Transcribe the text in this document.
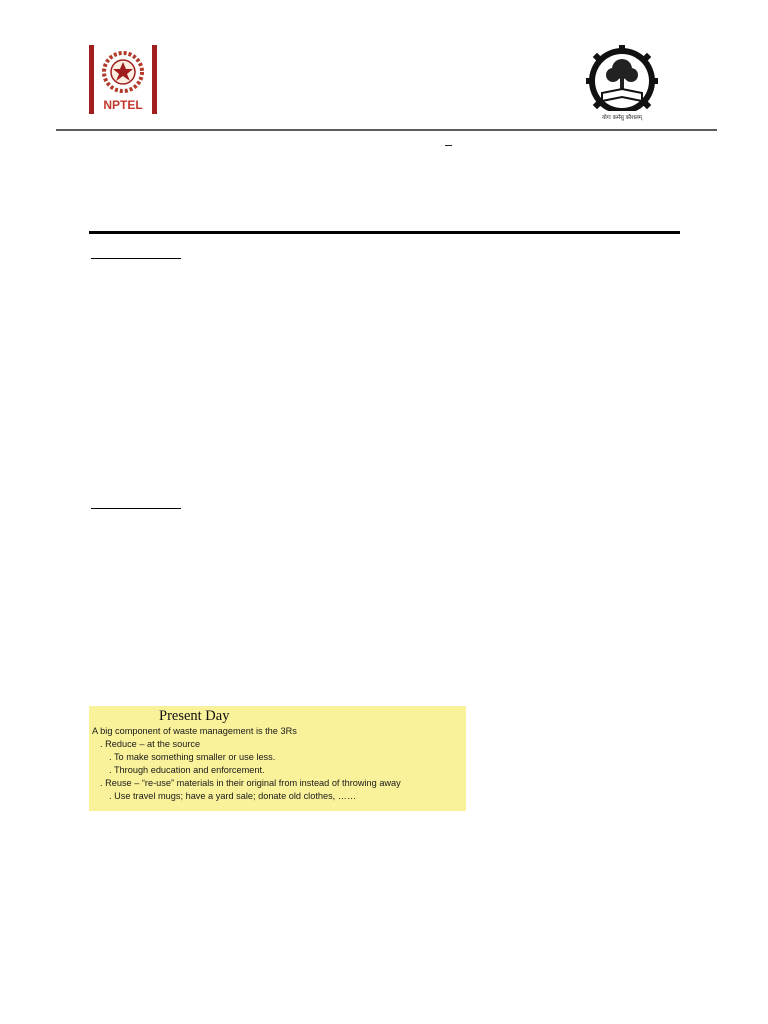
NPTEL
योगः कर्मसु कौशलम्
Present Day
A big component of waste management is the 3Rs
. Reduce – at the source
. To make something smaller or use less.
. Through education and enforcement.
. Reuse – “re-use” materials in their original from instead of throwing away
. Use travel mugs; have a yard sale; donate old clothes, ……
